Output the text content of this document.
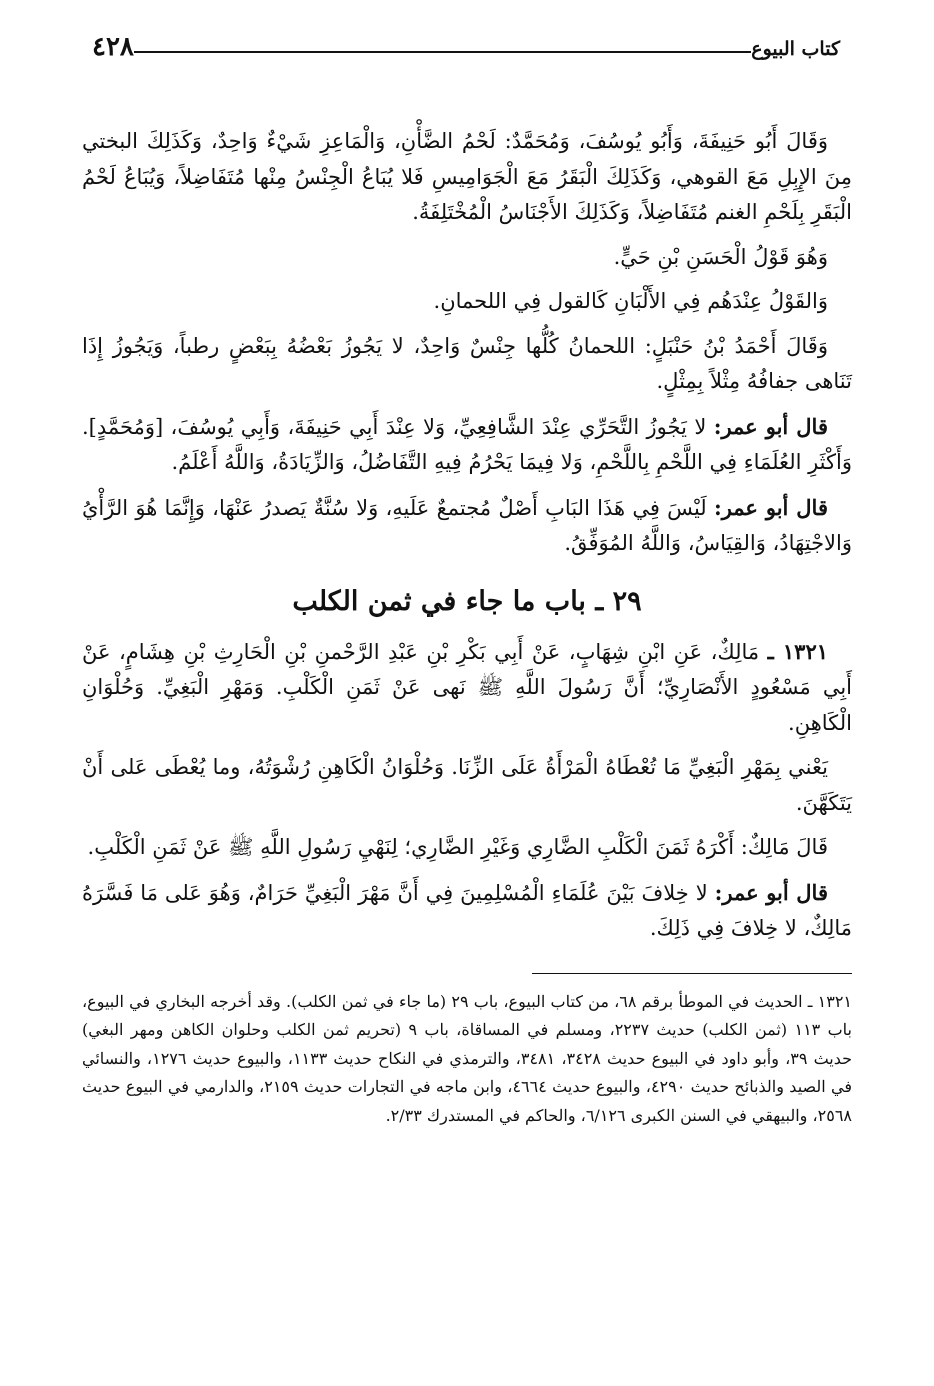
كتاب البيوع
٤٢٨

وَقَالَ أَبُو حَنِيفَةَ، وَأَبُو يُوسُفَ، وَمُحَمَّدٌ: لَحْمُ الضَّأْنِ، وَالْمَاعِزِ شَيْءٌ وَاحِدٌ، وَكَذَلِكَ البختي مِنَ الإِبِلِ مَعَ القوهي، وَكَذَلِكَ الْبَقَرُ مَعَ الْجَوَامِيسِ فَلا يُبَاعُ الْجِنْسُ مِنْها مُتَفَاضِلاً، وَيُبَاعُ لَحْمُ الْبَقَرِ بِلَحْمِ الغنم مُتَفَاضِلاً، وَكَذَلِكَ الأَجْنَاسُ الْمُخْتَلِفَةُ.

وَهُوَ قَوْلُ الْحَسَنِ بْنِ حَيٍّ.

وَالقَوْلُ عِنْدَهُم فِي الأَلْبَانِ كَالقول فِي اللحمانِ.

وَقَالَ أَحْمَدُ بْنُ حَنْبَلٍ: اللحمانُ كُلُّها جِنْسٌ وَاحِدٌ، لا يَجُوزُ بَعْضُهُ بِبَعْضٍ رطباً، وَيَجُوزُ إِذَا تَنَاهى جفافُهُ مِثْلاً بِمِثْلٍ.

قال أبو عمر: لا يَجُوزُ التَّحَرِّي عِنْدَ الشَّافِعِيِّ، وَلا عِنْدَ أَبِي حَنِيفَةَ، وَأَبِي يُوسُفَ، [وَمُحَمَّدٍ]. وَأَكْثَرِ العُلَمَاءِ فِي اللَّحْمِ بِاللَّحْمِ، وَلا فِيمَا يَحْرُمُ فِيهِ التَّفَاضُلُ، وَالزِّيَادَةُ، وَاللَّهُ أَعْلَمُ.

قال أبو عمر: لَيْسَ فِي هَذَا البَابِ أَصْلٌ مُجتمعٌ عَلَيهِ، وَلا سُنَّةٌ يَصدرُ عَنْهَا، وَإِنَّمَا هُوَ الرَّأْيُ وَالاجْتِهَادُ، وَالقِيَاسُ، وَاللَّهُ المُوَفِّقُ.

٢٩ ـ باب ما جاء في ثمن الكلب

١٣٢١ ـ مَالِكٌ، عَنِ ابْنِ شِهَابٍ، عَنْ أَبِي بَكْرِ بْنِ عَبْدِ الرَّحْمنِ بْنِ الْحَارِثِ بْنِ هِشَامٍ، عَنْ أَبِي مَسْعُودٍ الأَنْصَارِيِّ؛ أَنَّ رَسُولَ اللَّهِ ﷺ نَهى عَنْ ثَمَنِ الْكَلْبِ. وَمَهْرِ الْبَغِيِّ. وَحُلْوَانِ الْكَاهِنِ.

يَعْني بِمَهْرِ الْبَغِيِّ مَا تُعْطَاهُ الْمَرْأَةُ عَلَى الزِّنَا. وَحُلْوَانُ الْكَاهِنِ رُشْوَتُهُ، وما يُعْطَى عَلى أَنْ يَتَكَهَّنَ.

قَالَ مَالِكٌ: أَكْرَهُ ثَمَنَ الْكَلْبِ الضَّارِي وَغَيْرِ الضَّارِي؛ لِنَهْيِ رَسُولِ اللَّهِ ﷺ عَنْ ثَمَنِ الْكَلْبِ.

قال أبو عمر: لا خِلافَ بَيْنَ عُلَمَاءِ الْمُسْلِمِينَ فِي أَنَّ مَهْرَ الْبَغِيِّ حَرَامٌ، وَهُوَ عَلى مَا فَسَّرَهُ مَالِكٌ، لا خِلافَ فِي ذَلِكَ.

١٣٢١ ـ الحديث في الموطأ برقم ٦٨، من كتاب البيوع، باب ٢٩ (ما جاء في ثمن الكلب). وقد أخرجه البخاري في البيوع، باب ١١٣ (ثمن الكلب) حديث ٢٢٣٧، ومسلم في المساقاة، باب ٩ (تحريم ثمن الكلب وحلوان الكاهن ومهر البغي) حديث ٣٩، وأبو داود في البيوع حديث ٣٤٢٨، ٣٤٨١، والترمذي في النكاح حديث ١١٣٣، والبيوع حديث ١٢٧٦، والنسائي في الصيد والذبائح حديث ٤٢٩٠، والبيوع حديث ٤٦٦٤، وابن ماجه في التجارات حديث ٢١٥٩، والدارمي في البيوع حديث ٢٥٦٨، والبيهقي في السنن الكبرى ٦/١٢٦، والحاكم في المستدرك ٢/٣٣.
